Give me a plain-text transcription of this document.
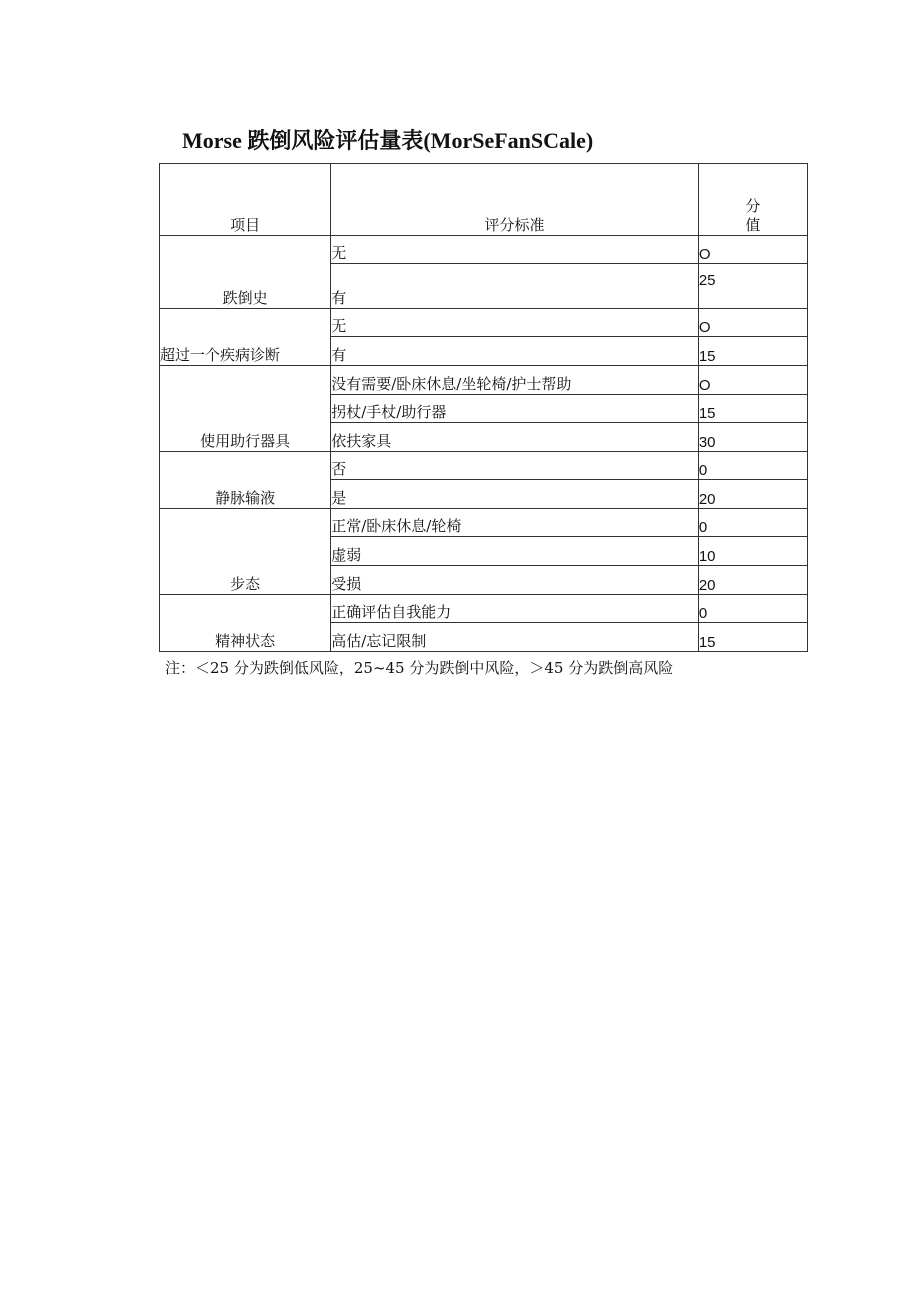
Morse 跌倒风险评估量表(MorSeFanSCale)
项目	评分标准	分
值
跌倒史	无	O
	有	25
超过一个疾病诊断	无	O
	有	15
使用助行器具	没有需要/卧床休息/坐轮椅/护士帮助	O
	拐杖/手杖/助行器	15
	依扶家具	30
静脉输液	否	0
	是	20
步态	正常/卧床休息/轮椅	0
	虚弱	10
	受损	20
精神状态	正确评估自我能力	0
	高估/忘记限制	15
注：＜25 分为跌倒低风险，25~45 分为跌倒中风险，＞45 分为跌倒高风险
